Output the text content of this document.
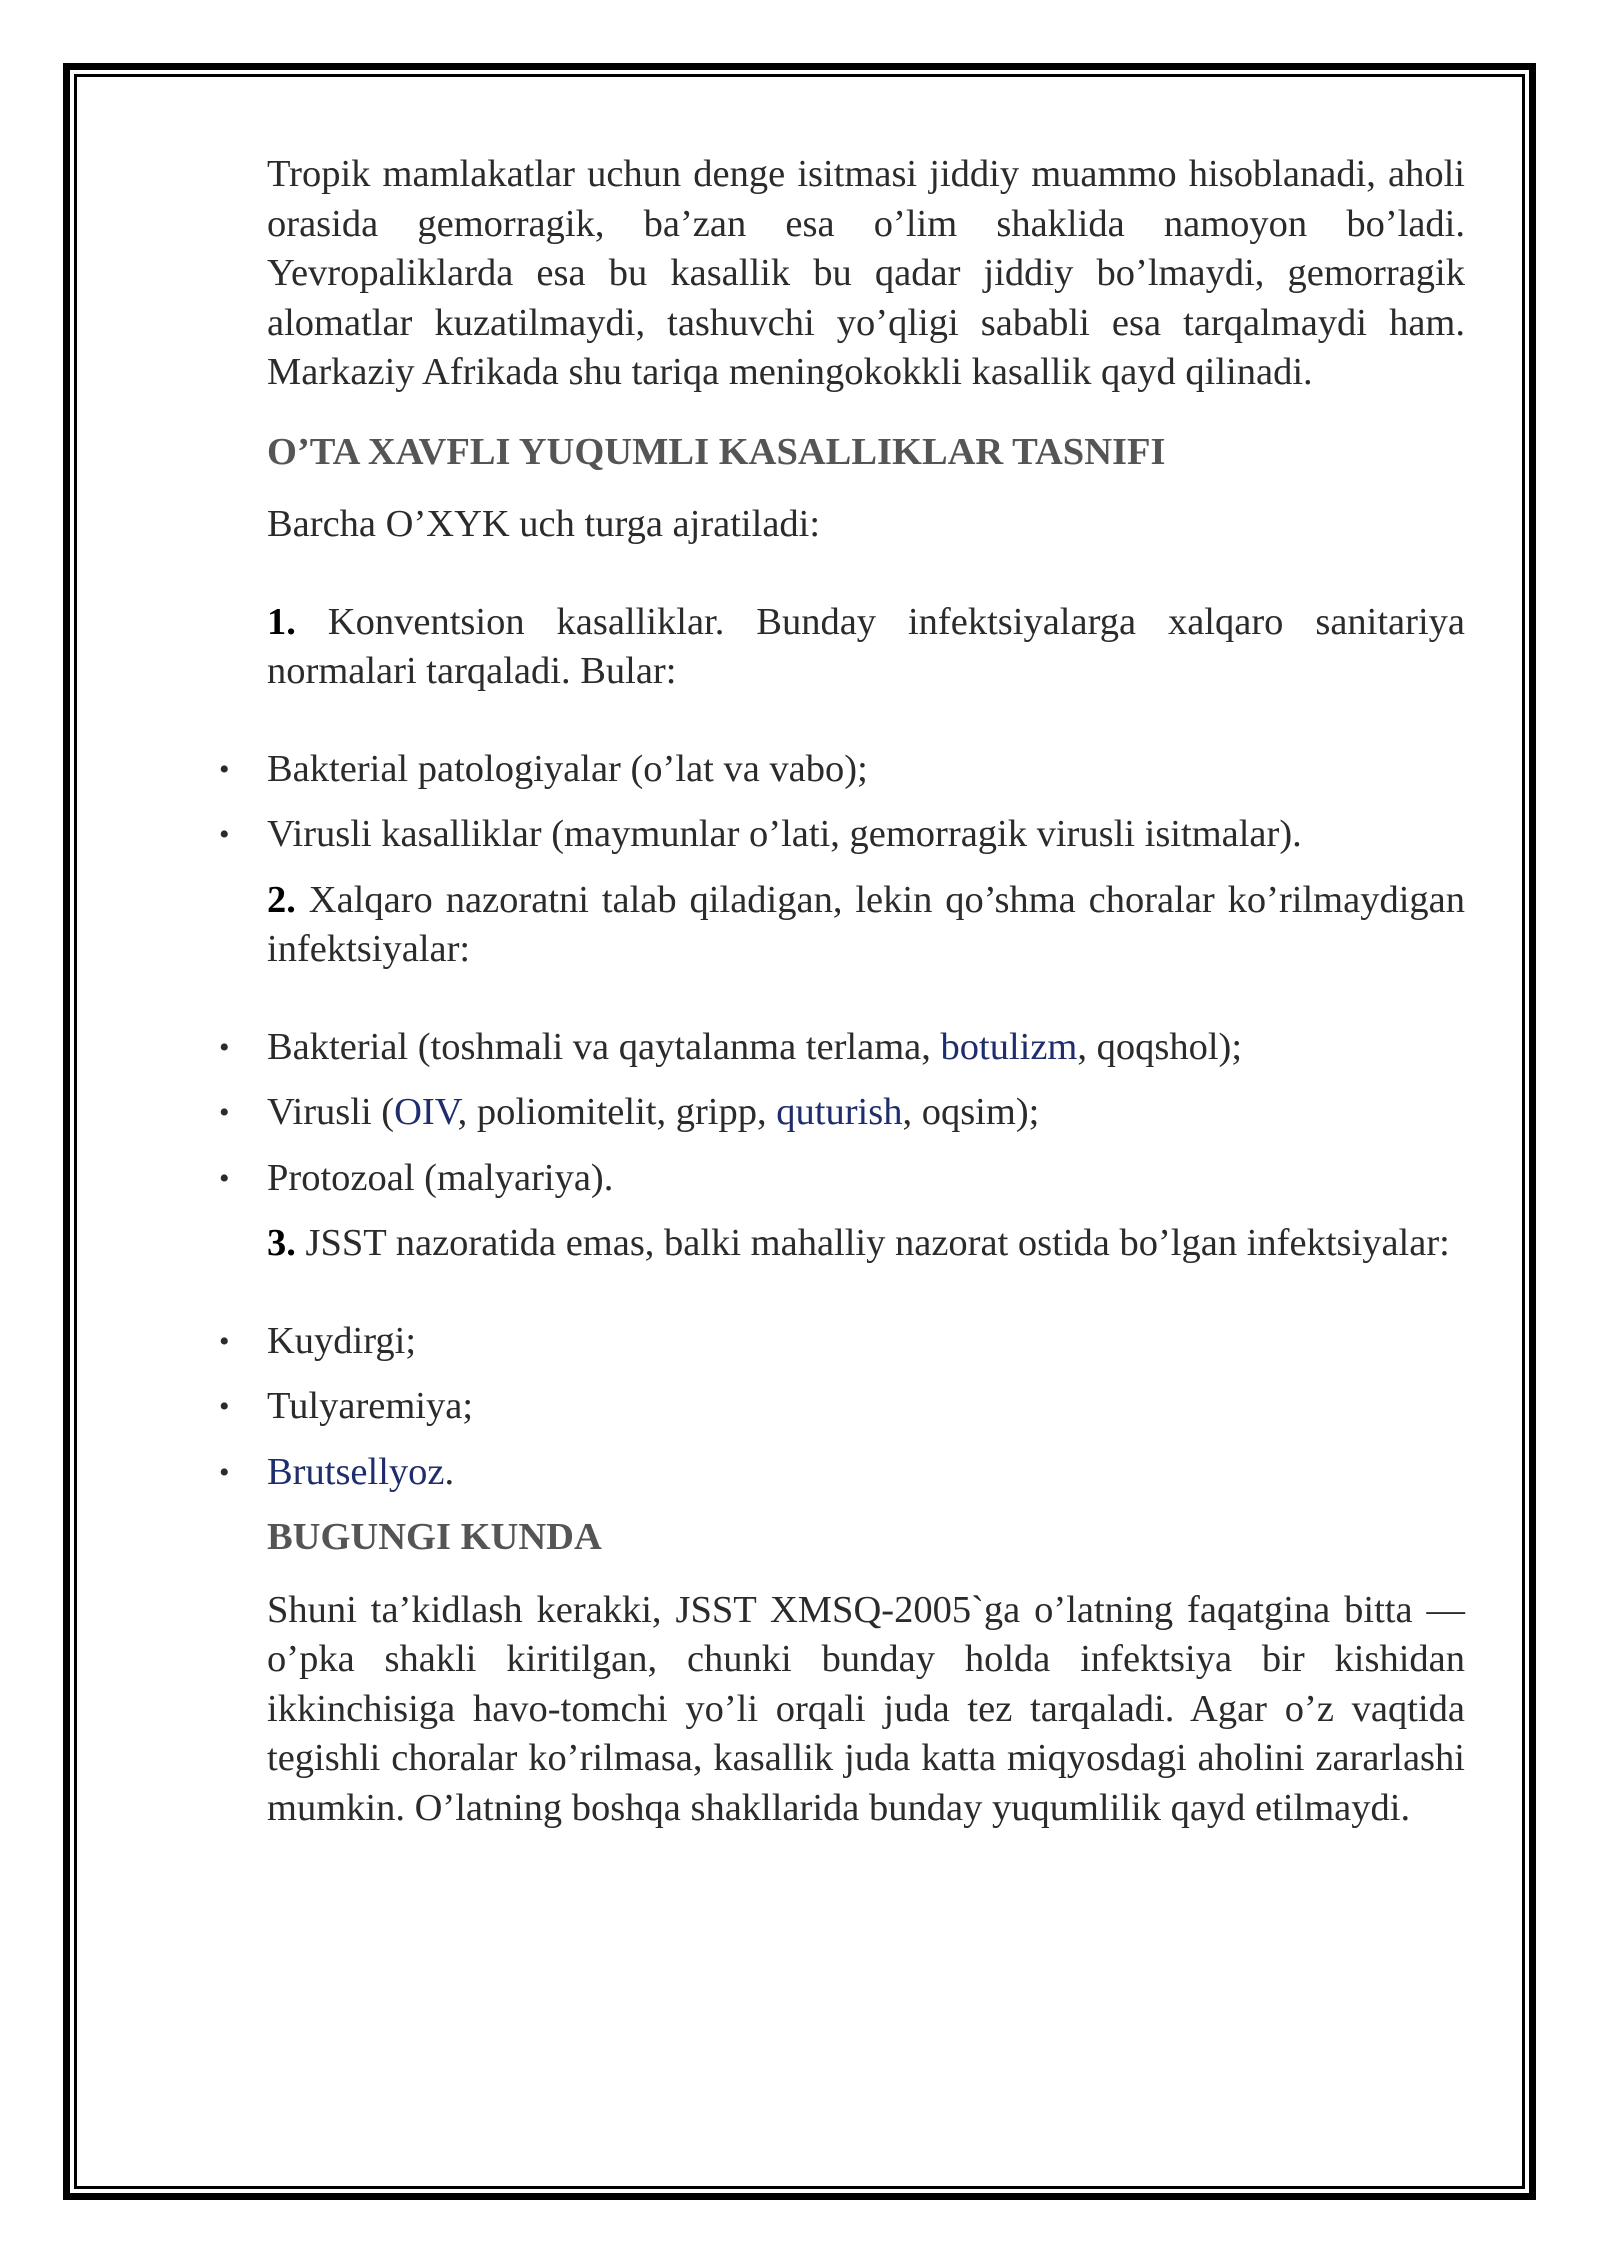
Tropik mamlakatlar uchun denge isitmasi jiddiy muammo hisoblanadi, aholi orasida gemorragik, ba’zan esa o’lim shaklida namoyon bo’ladi. Yevropaliklarda esa bu kasallik bu qadar jiddiy bo’lmaydi, gemorragik alomatlar kuzatilmaydi, tashuvchi yo’qligi sababli esa tarqalmaydi ham. Markaziy Afrikada shu tariqa meningokokkli kasallik qayd qilinadi.

O’TA XAVFLI YUQUMLI KASALLIKLAR TASNIFI

Barcha O’XYK uch turga ajratiladi:

1. Konventsion kasalliklar. Bunday infektsiyalarga xalqaro sanitariya normalari tarqaladi. Bular:

• Bakterial patologiyalar (o’lat va vabo);
• Virusli kasalliklar (maymunlar o’lati, gemorragik virusli isitmalar).

2. Xalqaro nazoratni talab qiladigan, lekin qo’shma choralar ko’rilmaydigan infektsiyalar:

• Bakterial (toshmali va qaytalanma terlama, botulizm, qoqshol);
• Virusli (OIV, poliomitelit, gripp, quturish, oqsim);
• Protozoal (malyariya).

3. JSST nazoratida emas, balki mahalliy nazorat ostida bo’lgan infektsiyalar:

• Kuydirgi;
• Tulyaremiya;
• Brutsellyoz.

BUGUNGI KUNDA

Shuni ta’kidlash kerakki, JSST XMSQ-2005`ga o’latning faqatgina bitta — o’pka shakli kiritilgan, chunki bunday holda infektsiya bir kishidan ikkinchisiga havo-tomchi yo’li orqali juda tez tarqaladi. Agar o’z vaqtida tegishli choralar ko’rilmasa, kasallik juda katta miqyosdagi aholini zararlashi mumkin. O’latning boshqa shakllarida bunday yuqumlilik qayd etilmaydi.
